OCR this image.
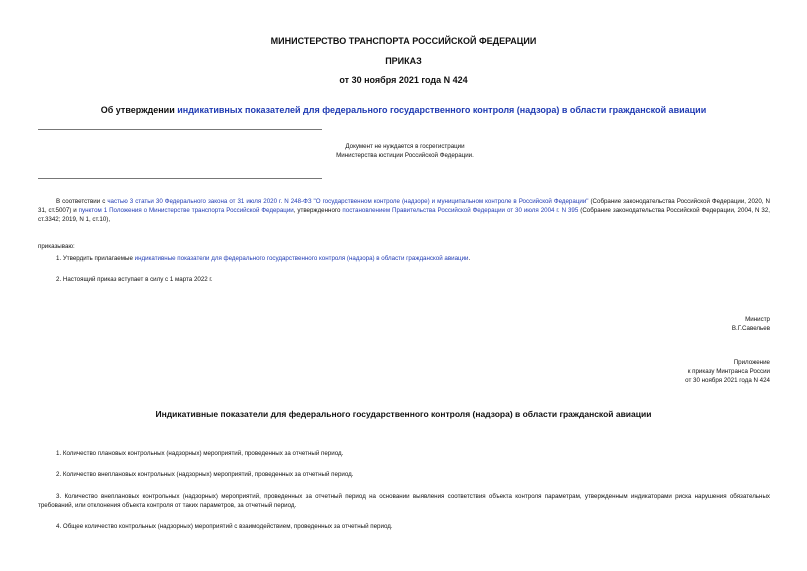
МИНИСТЕРСТВО ТРАНСПОРТА РОССИЙСКОЙ ФЕДЕРАЦИИ
ПРИКАЗ
от 30 ноября 2021 года N 424
Об утверждении индикативных показателей для федерального государственного контроля (надзора) в области гражданской авиации
Документ не нуждается в госрегистрации
Министерства юстиции Российской Федерации.
В соответствии с частью 3 статьи 30 Федерального закона от 31 июля 2020 г. N 248-ФЗ "О государственном контроле (надзоре) и муниципальном контроле в Российской Федерации" (Собрание законодательства Российской Федерации, 2020, N 31, ст.5007) и пунктом 1 Положения о Министерстве транспорта Российской Федерации, утвержденного постановлением Правительства Российской Федерации от 30 июля 2004 г. N 395 (Собрание законодательства Российской Федерации, 2004, N 32, ст.3342; 2019, N 1, ст.10),
приказываю:
1. Утвердить прилагаемые индикативные показатели для федерального государственного контроля (надзора) в области гражданской авиации.
2. Настоящий приказ вступает в силу с 1 марта 2022 г.
Министр
В.Г.Савельев
Приложение
к приказу Минтранса России
от 30 ноября 2021 года N 424
Индикативные показатели для федерального государственного контроля (надзора) в области гражданской авиации
1. Количество плановых контрольных (надзорных) мероприятий, проведенных за отчетный период.
2. Количество внеплановых контрольных (надзорных) мероприятий, проведенных за отчетный период.
3. Количество внеплановых контрольных (надзорных) мероприятий, проведенных за отчетный период на основании выявления соответствия объекта контроля параметрам, утвержденным индикаторами риска нарушения обязательных требований, или отклонения объекта контроля от таких параметров, за отчетный период.
4. Общее количество контрольных (надзорных) мероприятий с взаимодействием, проведенных за отчетный период.
